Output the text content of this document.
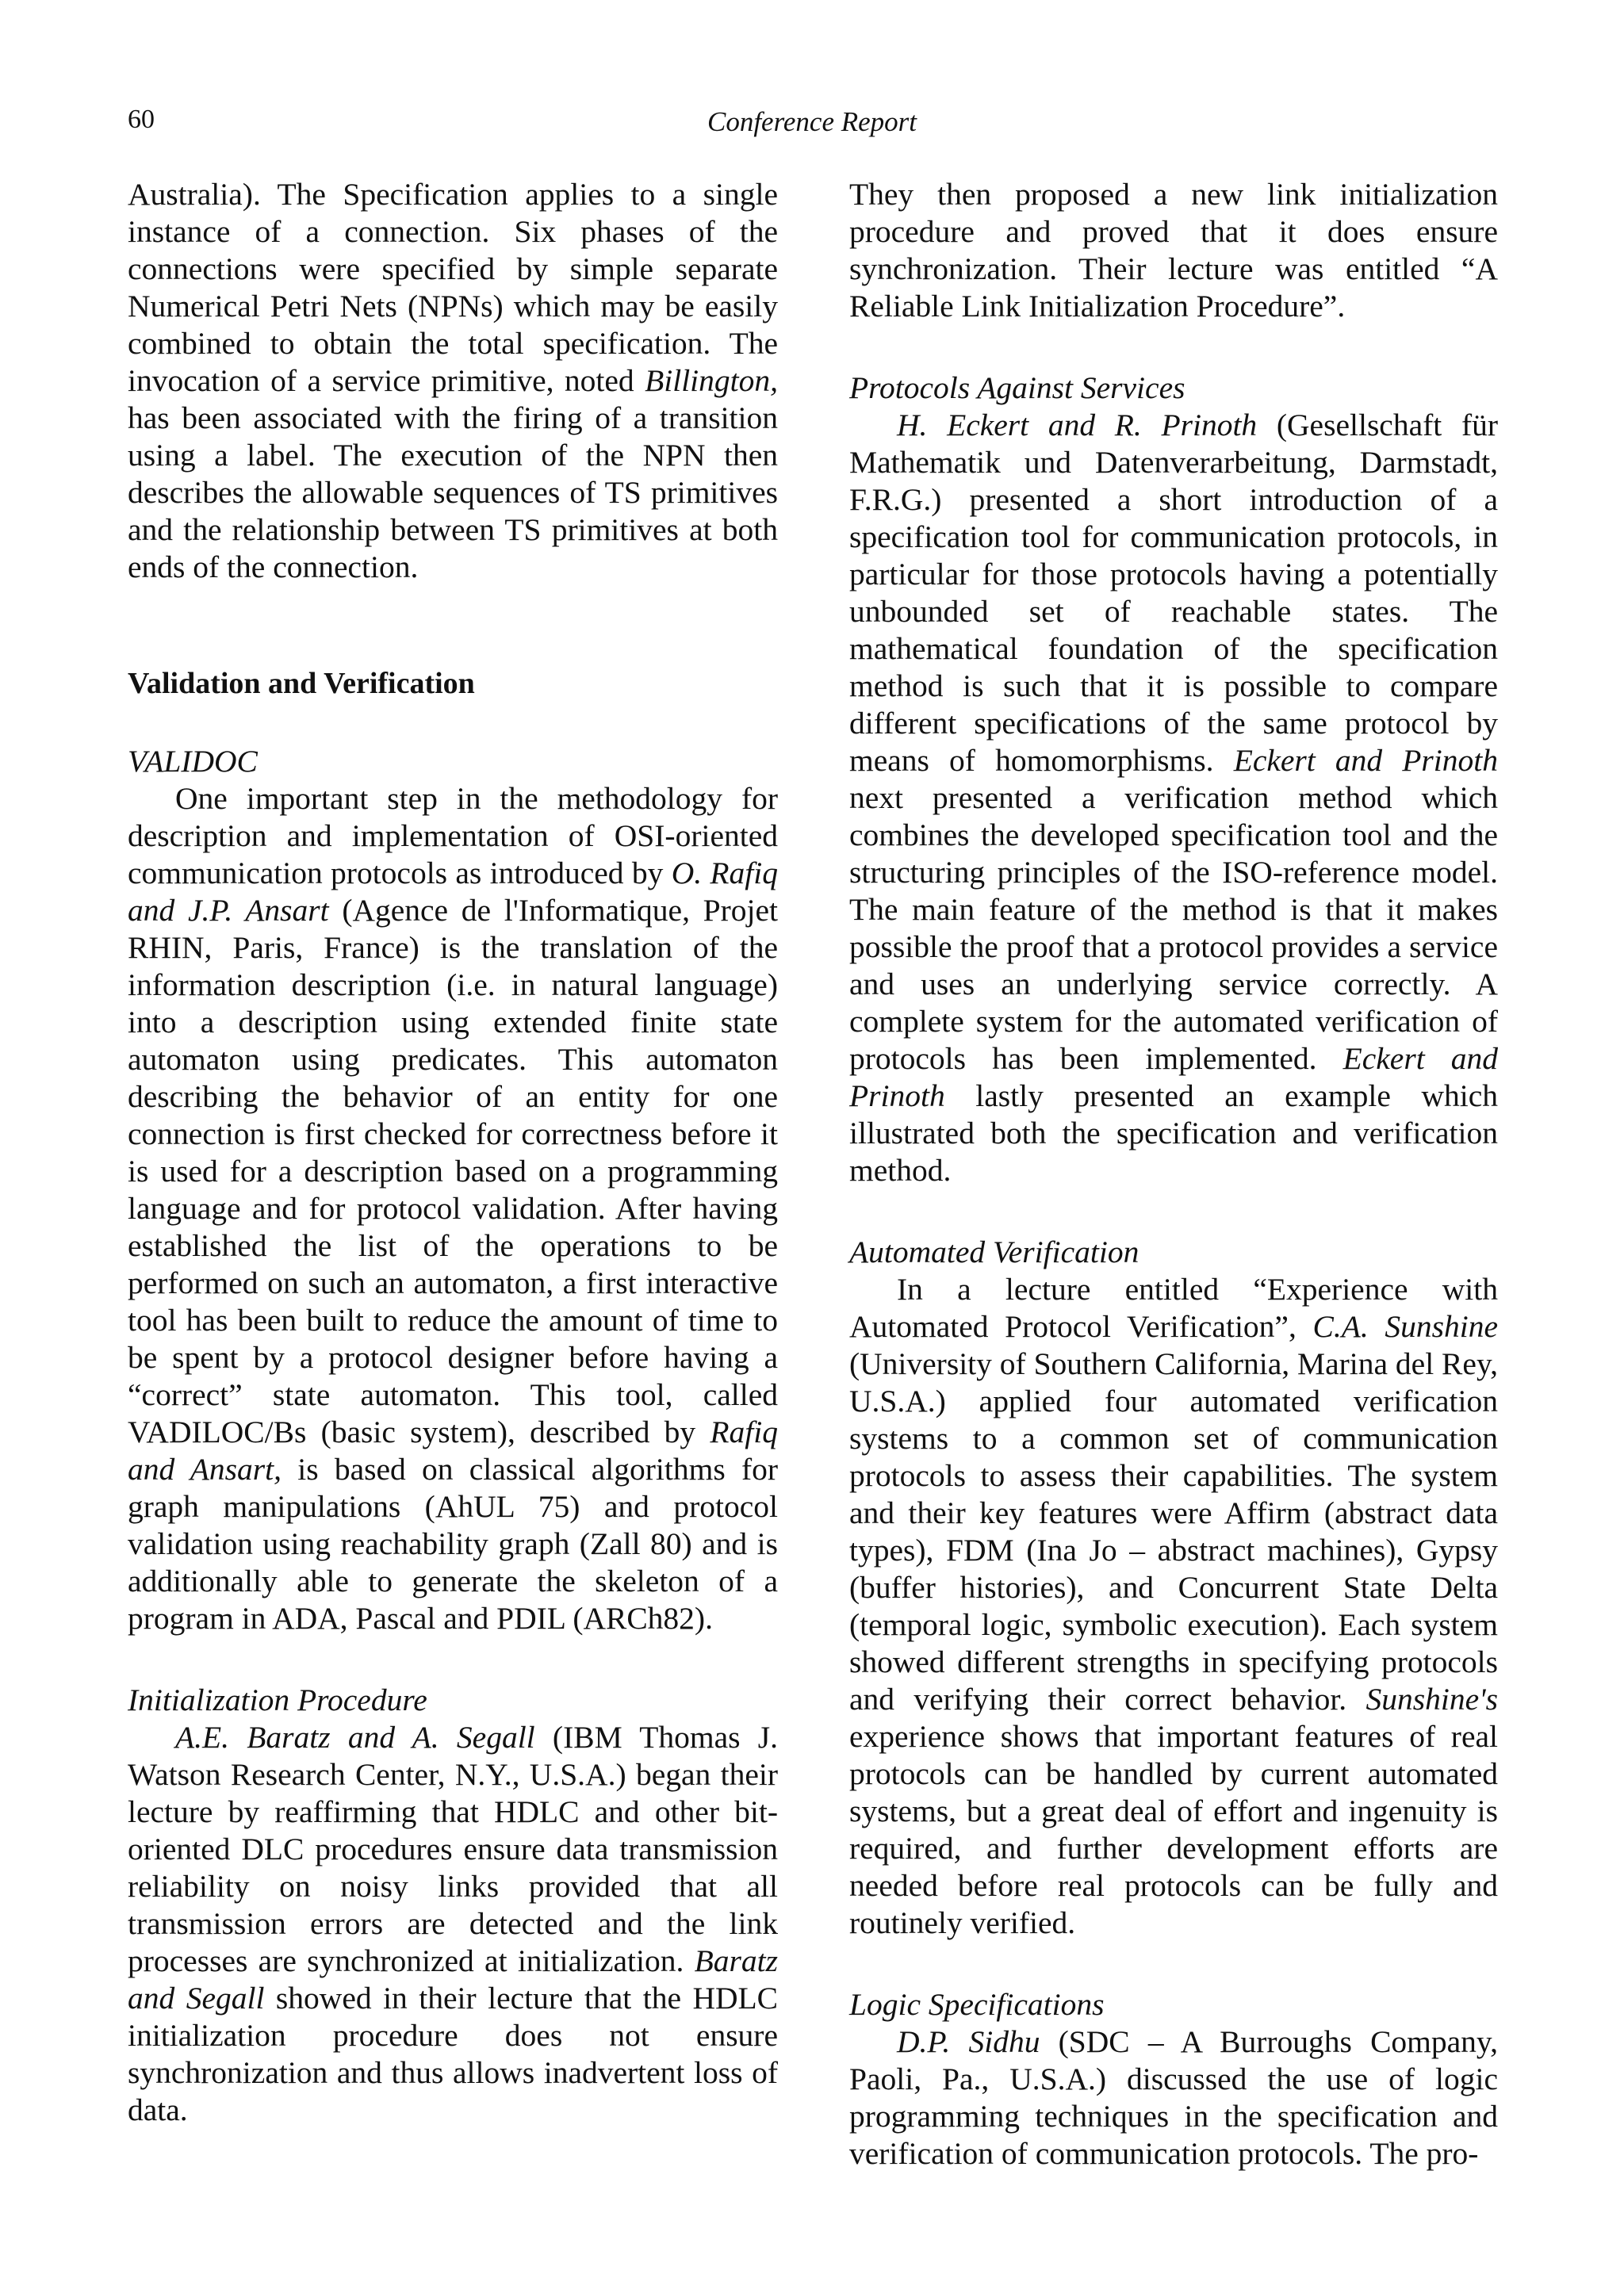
60	Conference Report

Australia). The Specification applies to a single instance of a connection. Six phases of the connections were specified by simple separate Numerical Petri Nets (NPNs) which may be easily combined to obtain the total specification. The invocation of a service primitive, noted Billington, has been associated with the firing of a transition using a label. The execution of the NPN then describes the allowable sequences of TS primitives and the relationship between TS primitives at both ends of the connection.

Validation and Verification

VALIDOC

One important step in the methodology for description and implementation of OSI-oriented communication protocols as introduced by O. Rafiq and J.P. Ansart (Agence de l'Informatique, Projet RHIN, Paris, France) is the translation of the information description (i.e. in natural language) into a description using extended finite state automaton using predicates. This automaton describing the behavior of an entity for one connection is first checked for correctness before it is used for a description based on a programming language and for protocol validation. After having established the list of the operations to be performed on such an automaton, a first interactive tool has been built to reduce the amount of time to be spent by a protocol designer before having a “correct” state automaton. This tool, called VADILOC/Bs (basic system), described by Rafiq and Ansart, is based on classical algorithms for graph manipulations (AhUL 75) and protocol validation using reachability graph (Zall 80) and is additionally able to generate the skeleton of a program in ADA, Pascal and PDIL (ARCh82).

Initialization Procedure

A.E. Baratz and A. Segall (IBM Thomas J. Watson Research Center, N.Y., U.S.A.) began their lecture by reaffirming that HDLC and other bit-oriented DLC procedures ensure data transmission reliability on noisy links provided that all transmission errors are detected and the link processes are synchronized at initialization. Baratz and Segall showed in their lecture that the HDLC initialization procedure does not ensure synchronization and thus allows inadvertent loss of data.

They then proposed a new link initialization procedure and proved that it does ensure synchronization. Their lecture was entitled “A Reliable Link Initialization Procedure”.

Protocols Against Services

H. Eckert and R. Prinoth (Gesellschaft für Mathematik und Datenverarbeitung, Darmstadt, F.R.G.) presented a short introduction of a specification tool for communication protocols, in particular for those protocols having a potentially unbounded set of reachable states. The mathematical foundation of the specification method is such that it is possible to compare different specifications of the same protocol by means of homomorphisms. Eckert and Prinoth next presented a verification method which combines the developed specification tool and the structuring principles of the ISO-reference model. The main feature of the method is that it makes possible the proof that a protocol provides a service and uses an underlying service correctly. A complete system for the automated verification of protocols has been implemented. Eckert and Prinoth lastly presented an example which illustrated both the specification and verification method.

Automated Verification

In a lecture entitled “Experience with Automated Protocol Verification”, C.A. Sunshine (University of Southern California, Marina del Rey, U.S.A.) applied four automated verification systems to a common set of communication protocols to assess their capabilities. The system and their key features were Affirm (abstract data types), FDM (Ina Jo – abstract machines), Gypsy (buffer histories), and Concurrent State Delta (temporal logic, symbolic execution). Each system showed different strengths in specifying protocols and verifying their correct behavior. Sunshine's experience shows that important features of real protocols can be handled by current automated systems, but a great deal of effort and ingenuity is required, and further development efforts are needed before real protocols can be fully and routinely verified.

Logic Specifications

D.P. Sidhu (SDC – A Burroughs Company, Paoli, Pa., U.S.A.) discussed the use of logic programming techniques in the specification and verification of communication protocols. The pro-
